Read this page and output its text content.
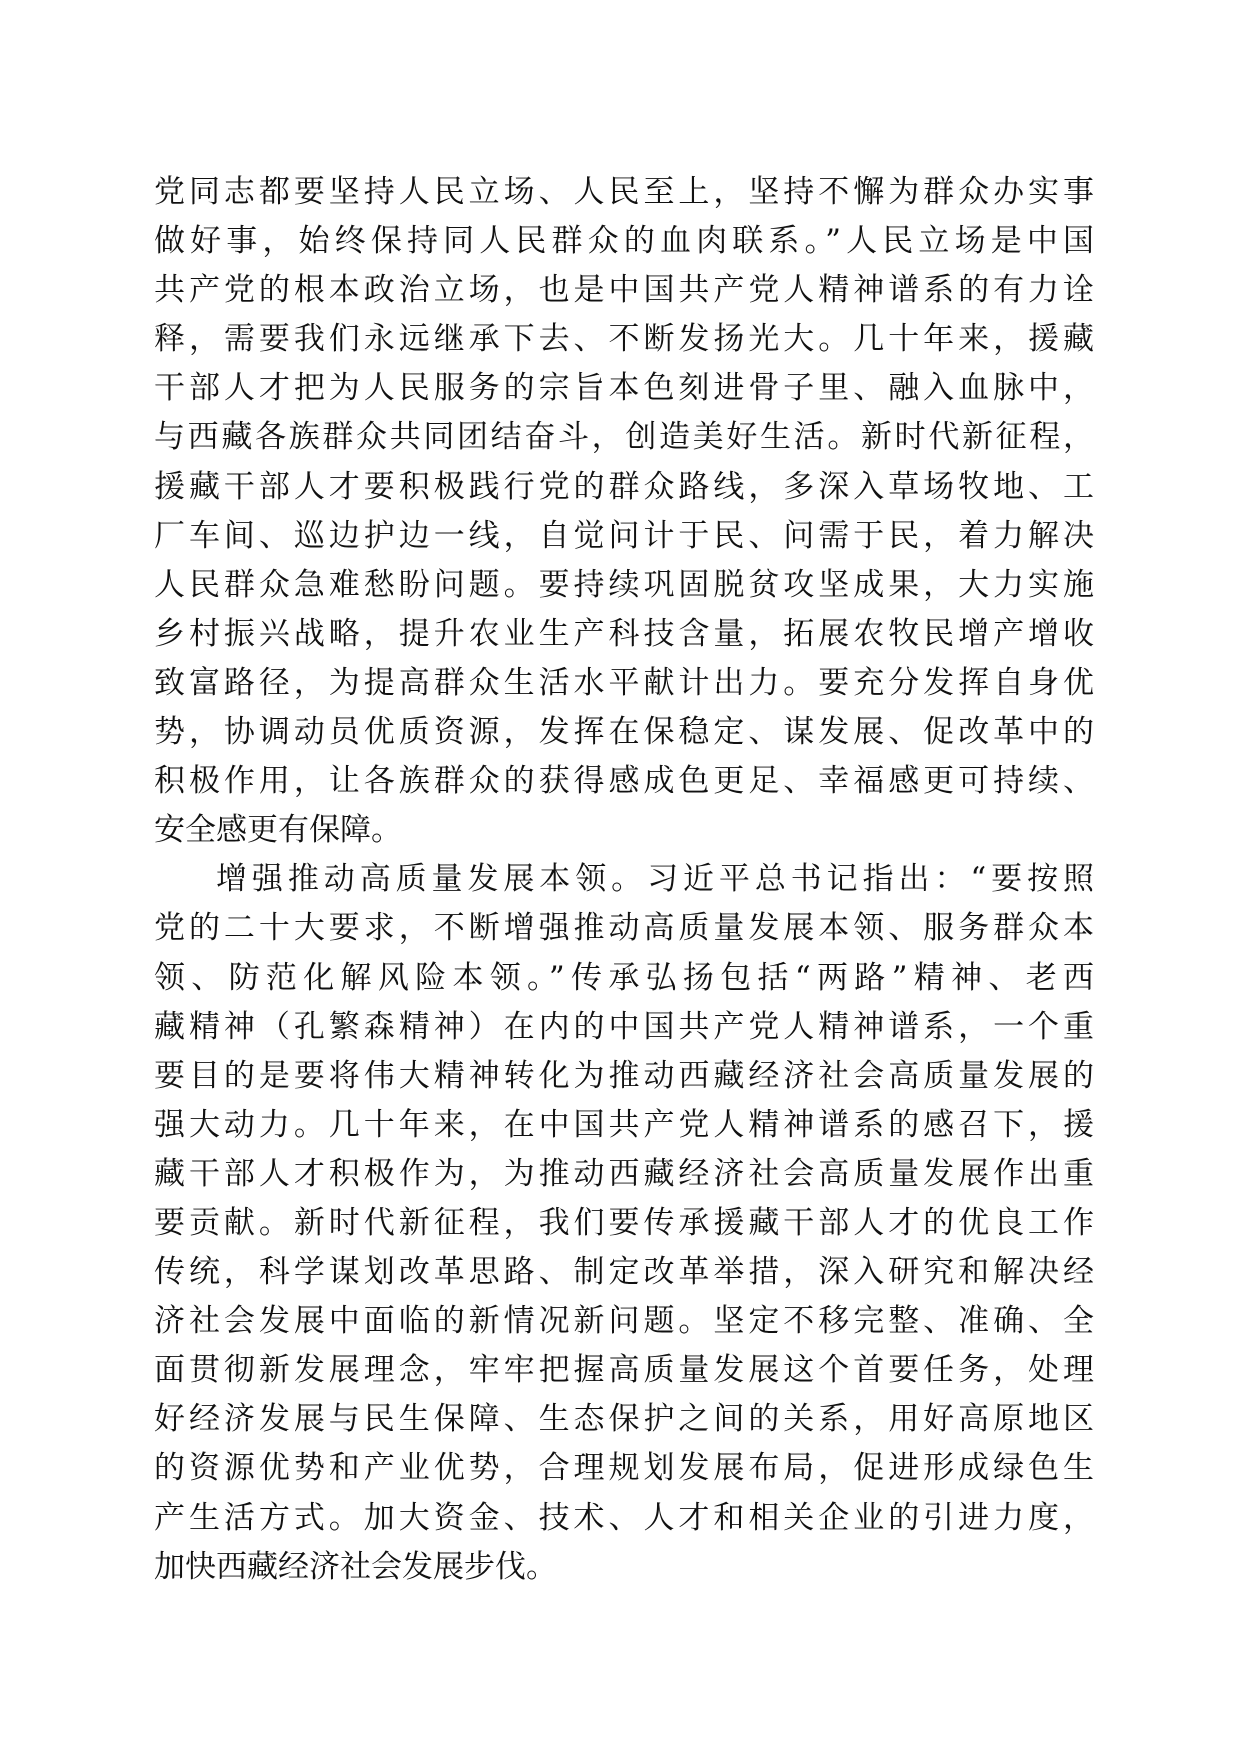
党同志都要坚持人民立场、人民至上，坚持不懈为群众办实事
做好事，始终保持同人民群众的血肉联系。”人民立场是中国
共产党的根本政治立场，也是中国共产党人精神谱系的有力诠
释，需要我们永远继承下去、不断发扬光大。几十年来，援藏
干部人才把为人民服务的宗旨本色刻进骨子里、融入血脉中，
与西藏各族群众共同团结奋斗，创造美好生活。新时代新征程，
援藏干部人才要积极践行党的群众路线，多深入草场牧地、工
厂车间、巡边护边一线，自觉问计于民、问需于民，着力解决
人民群众急难愁盼问题。要持续巩固脱贫攻坚成果，大力实施
乡村振兴战略，提升农业生产科技含量，拓展农牧民增产增收
致富路径，为提高群众生活水平献计出力。要充分发挥自身优
势，协调动员优质资源，发挥在保稳定、谋发展、促改革中的
积极作用，让各族群众的获得感成色更足、幸福感更可持续、
安全感更有保障。
增强推动高质量发展本领。习近平总书记指出：“要按照
党的二十大要求，不断增强推动高质量发展本领、服务群众本
领、防范化解风险本领。”传承弘扬包括“两路”精神、老西
藏精神（孔繁森精神）在内的中国共产党人精神谱系，一个重
要目的是要将伟大精神转化为推动西藏经济社会高质量发展的
强大动力。几十年来，在中国共产党人精神谱系的感召下，援
藏干部人才积极作为，为推动西藏经济社会高质量发展作出重
要贡献。新时代新征程，我们要传承援藏干部人才的优良工作
传统，科学谋划改革思路、制定改革举措，深入研究和解决经
济社会发展中面临的新情况新问题。坚定不移完整、准确、全
面贯彻新发展理念，牢牢把握高质量发展这个首要任务，处理
好经济发展与民生保障、生态保护之间的关系，用好高原地区
的资源优势和产业优势，合理规划发展布局，促进形成绿色生
产生活方式。加大资金、技术、人才和相关企业的引进力度，
加快西藏经济社会发展步伐。
